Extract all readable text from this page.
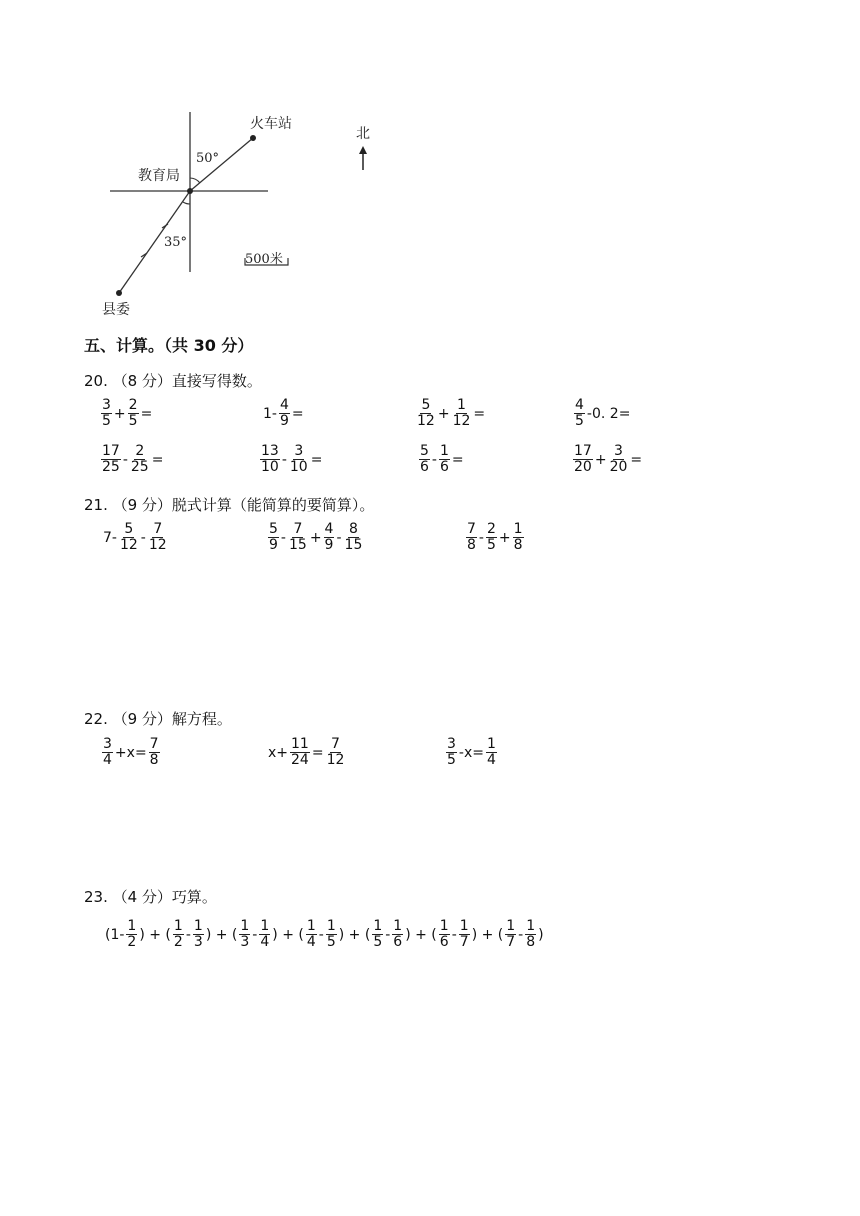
火车站
教育局
县委
北
50°
35°
500米
五、计算。（共 30 分）
20. （8 分）直接写得数。
$\frac{3}{5} + \frac{2}{5}$ =	$1- \frac{4}{9}$ =	$\frac{5}{12} + \frac{1}{12}$ =	$\frac{4}{5} -0$. 2=
$\frac{17}{25} - \frac{2}{25}$ =	$\frac{13}{10} - \frac{3}{10}$ =	$\frac{5}{6} - \frac{1}{6}$ =	$\frac{17}{20} + \frac{3}{20}$ =
21. （9 分）脱式计算（能简算的要简算）。
$7- \frac{5}{12} - \frac{7}{12}$	$\frac{5}{9} - \frac{7}{15} + \frac{4}{9} - \frac{8}{15}$	$\frac{7}{8} - \frac{2}{5} + \frac{1}{8}$
22. （9 分）解方程。
$\frac{3}{4} +x= \frac{7}{8}$	$x+ \frac{11}{24} = \frac{7}{12}$	$\frac{3}{5} -x= \frac{1}{4}$
23. （4 分）巧算。
($1- \frac{1}{2}$ ) + ( $\frac{1}{2} - \frac{1}{3}$ ) + ( $\frac{1}{3} - \frac{1}{4}$ ) + ( $\frac{1}{4} - \frac{1}{5}$ ) + ( $\frac{1}{5} - \frac{1}{6}$ ) + ( $\frac{1}{6} - \frac{1}{7}$ ) + ( $\frac{1}{7} - \frac{1}{8}$ )
